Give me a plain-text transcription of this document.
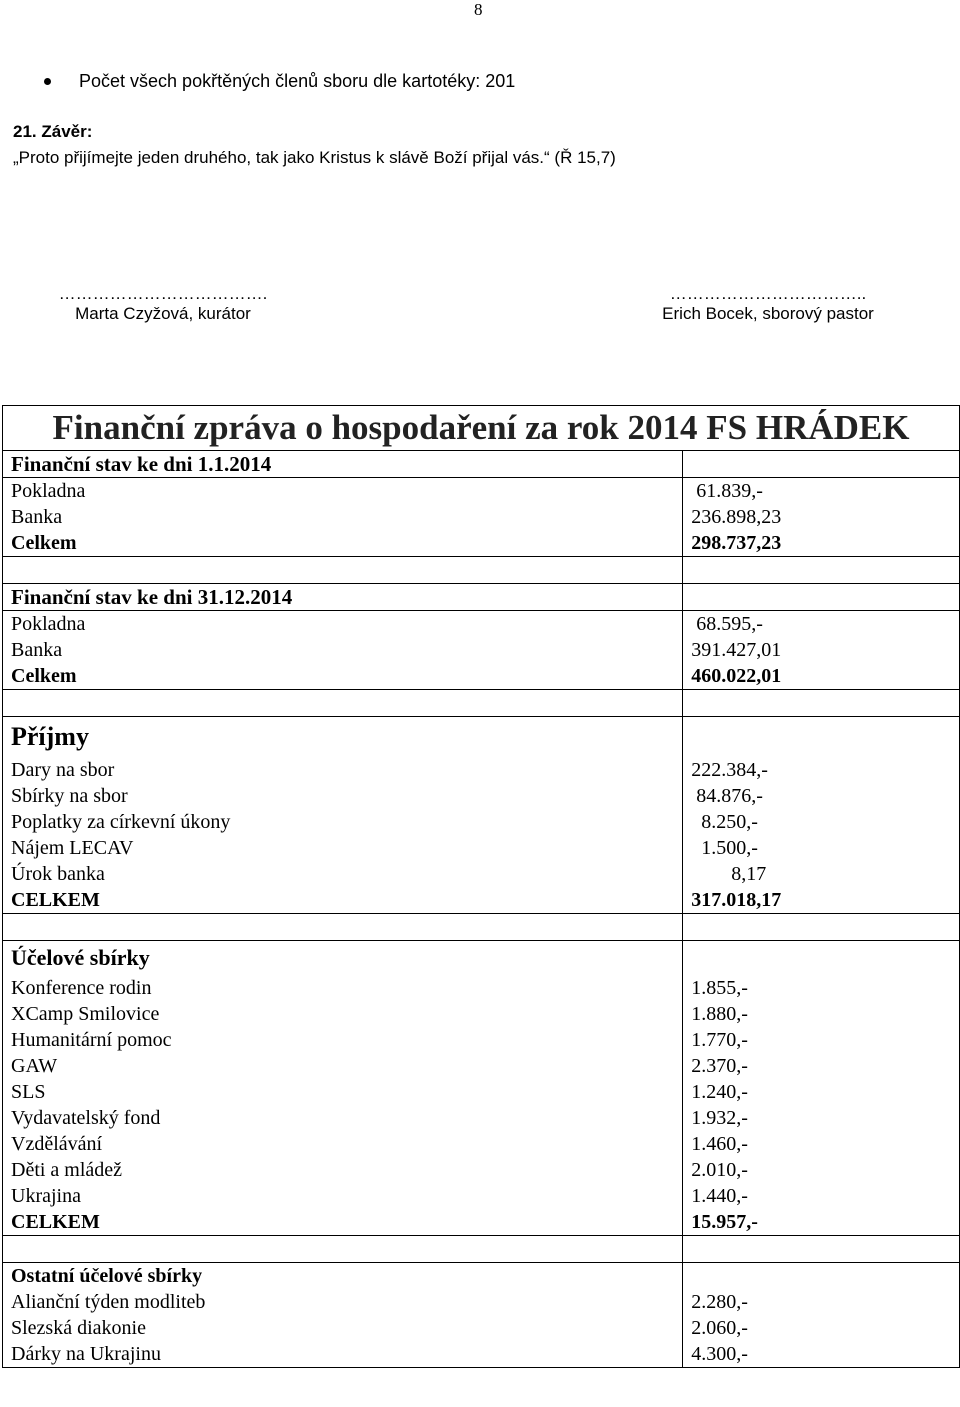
8
Počet všech pokřtěných členů sboru dle kartotéky: 201
21. Závěr:
„Proto přijímejte jeden druhého, tak jako Kristus k slávě Boží přijal vás.“ (Ř 15,7)
……………………………….
Marta Czyžová, kurátor
……………………………..
Erich Bocek, sborový pastor
Finanční zpráva o hospodaření za rok 2014 FS HRÁDEK	
Finanční stav ke dni 1.1.2014	
Pokladna	61.839,-
Banka	236.898,23
Celkem	298.737,23

Finanční stav ke dni 31.12.2014	
Pokladna	68.595,-
Banka	391.427,01
Celkem	460.022,01

Příjmy	
Dary na sbor	222.384,-
Sbírky na sbor	84.876,-
Poplatky za církevní úkony	8.250,-
Nájem LECAV	1.500,-
Úrok banka	8,17
CELKEM	317.018,17

Účelové sbírky	
Konference rodin	1.855,-
XCamp Smilovice	1.880,-
Humanitární pomoc	1.770,-
GAW	2.370,-
SLS	1.240,-
Vydavatelský fond	1.932,-
Vzdělávání	1.460,-
Děti a mládež	2.010,-
Ukrajina	1.440,-
CELKEM	15.957,-

Ostatní účelové sbírky	
Alianční týden modliteb	2.280,-
Slezská diakonie	2.060,-
Dárky na Ukrajinu	4.300,-
